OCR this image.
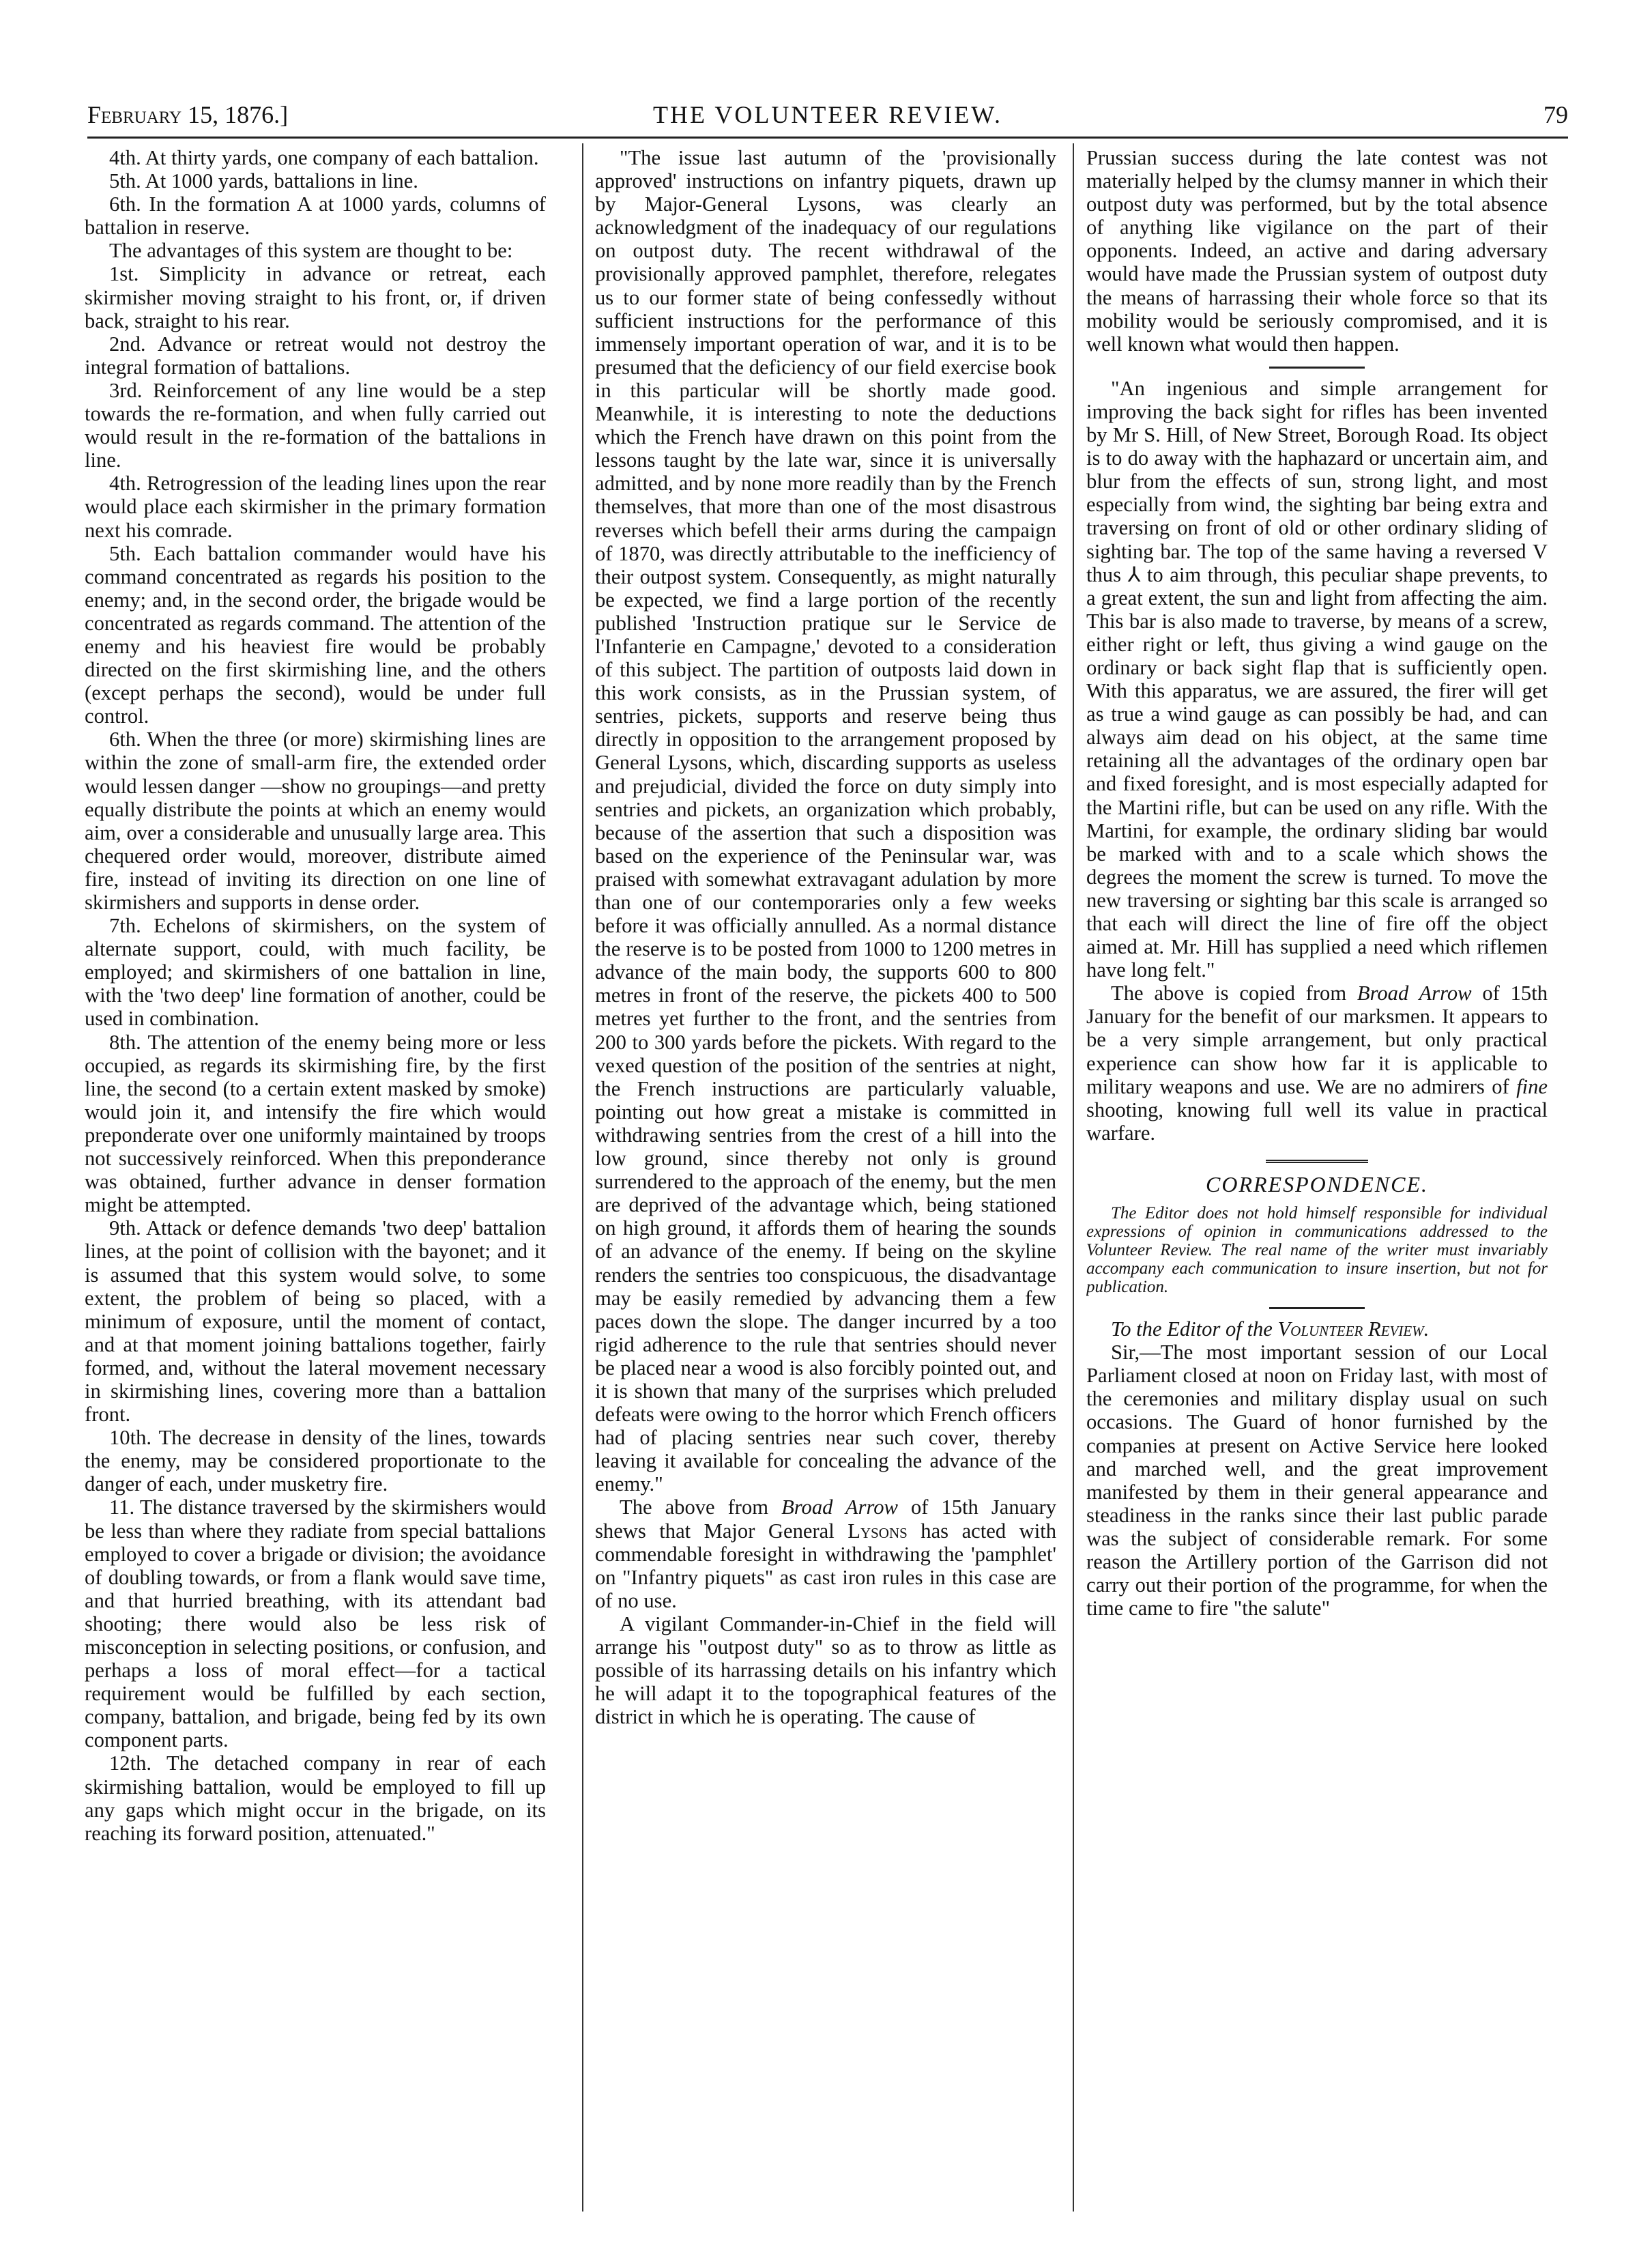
February 15, 1876.]	THE VOLUNTEER REVIEW.	79

4th. At thirty yards, one company of each battalion.

5th. At 1000 yards, battalions in line.

6th. In the formation A at 1000 yards, columns of battalion in reserve.

The advantages of this system are thought to be:

1st. Simplicity in advance or retreat, each skirmisher moving straight to his front, or, if driven back, straight to his rear.

2nd. Advance or retreat would not destroy the integral formation of battalions.

3rd. Reinforcement of any line would be a step towards the re-formation, and when fully carried out would result in the re-formation of the battalions in line.

4th. Retrogression of the leading lines upon the rear would place each skirmisher in the primary formation next his comrade.

5th. Each battalion commander would have his command concentrated as regards his position to the enemy; and, in the second order, the brigade would be concentrated as regards command. The attention of the enemy and his heaviest fire would be probably directed on the first skirmishing line, and the others (except perhaps the second), would be under full control.

6th. When the three (or more) skirmishing lines are within the zone of small-arm fire, the extended order would lessen danger —show no groupings—and pretty equally distribute the points at which an enemy would aim, over a considerable and unusually large area. This chequered order would, moreover, distribute aimed fire, instead of inviting its direction on one line of skirmishers and supports in dense order.

7th. Echelons of skirmishers, on the system of alternate support, could, with much facility, be employed; and skirmishers of one battalion in line, with the 'two deep' line formation of another, could be used in combination.

8th. The attention of the enemy being more or less occupied, as regards its skirmishing fire, by the first line, the second (to a certain extent masked by smoke) would join it, and intensify the fire which would preponderate over one uniformly maintained by troops not successively reinforced. When this preponderance was obtained, further advance in denser formation might be attempted.

9th. Attack or defence demands 'two deep' battalion lines, at the point of collision with the bayonet; and it is assumed that this system would solve, to some extent, the problem of being so placed, with a minimum of exposure, until the moment of contact, and at that moment joining battalions together, fairly formed, and, without the lateral movement necessary in skirmishing lines, covering more than a battalion front.

10th. The decrease in density of the lines, towards the enemy, may be considered proportionate to the danger of each, under musketry fire.

11. The distance traversed by the skirmishers would be less than where they radiate from special battalions employed to cover a brigade or division; the avoidance of doubling towards, or from a flank would save time, and that hurried breathing, with its attendant bad shooting; there would also be less risk of misconception in selecting positions, or confusion, and perhaps a loss of moral effect—for a tactical requirement would be fulfilled by each section, company, battalion, and brigade, being fed by its own component parts.

12th. The detached company in rear of each skirmishing battalion, would be employed to fill up any gaps which might occur in the brigade, on its reaching its forward position, attenuated."

"The issue last autumn of the 'provisionally approved' instructions on infantry piquets, drawn up by Major-General Lysons, was clearly an acknowledgment of the inadequacy of our regulations on outpost duty. The recent withdrawal of the provisionally approved pamphlet, therefore, relegates us to our former state of being confessedly without sufficient instructions for the performance of this immensely important operation of war, and it is to be presumed that the deficiency of our field exercise book in this particular will be shortly made good. Meanwhile, it is interesting to note the deductions which the French have drawn on this point from the lessons taught by the late war, since it is universally admitted, and by none more readily than by the French themselves, that more than one of the most disastrous reverses which befell their arms during the campaign of 1870, was directly attributable to the inefficiency of their outpost system. Consequently, as might naturally be expected, we find a large portion of the recently published 'Instruction pratique sur le Service de l'Infanterie en Campagne,' devoted to a consideration of this subject. The partition of outposts laid down in this work consists, as in the Prussian system, of sentries, pickets, supports and reserve being thus directly in opposition to the arrangement proposed by General Lysons, which, discarding supports as useless and prejudicial, divided the force on duty simply into sentries and pickets, an organization which probably, because of the assertion that such a disposition was based on the experience of the Peninsular war, was praised with somewhat extravagant adulation by more than one of our contemporaries only a few weeks before it was officially annulled. As a normal distance the reserve is to be posted from 1000 to 1200 metres in advance of the main body, the supports 600 to 800 metres in front of the reserve, the pickets 400 to 500 metres yet further to the front, and the sentries from 200 to 300 yards before the pickets. With regard to the vexed question of the position of the sentries at night, the French instructions are particularly valuable, pointing out how great a mistake is committed in withdrawing sentries from the crest of a hill into the low ground, since thereby not only is ground surrendered to the approach of the enemy, but the men are deprived of the advantage which, being stationed on high ground, it affords them of hearing the sounds of an advance of the enemy. If being on the skyline renders the sentries too conspicuous, the disadvantage may be easily remedied by advancing them a few paces down the slope. The danger incurred by a too rigid adherence to the rule that sentries should never be placed near a wood is also forcibly pointed out, and it is shown that many of the surprises which preluded defeats were owing to the horror which French officers had of placing sentries near such cover, thereby leaving it available for concealing the advance of the enemy."

The above from Broad Arrow of 15th January shews that Major General Lysons has acted with commendable foresight in withdrawing the 'pamphlet' on "Infantry piquets" as cast iron rules in this case are of no use.

A vigilant Commander-in-Chief in the field will arrange his "outpost duty" so as to throw as little as possible of its harrassing details on his infantry which he will adapt it to the topographical features of the district in which he is operating. The cause of

Prussian success during the late contest was not materially helped by the clumsy manner in which their outpost duty was performed, but by the total absence of anything like vigilance on the part of their opponents. Indeed, an active and daring adversary would have made the Prussian system of outpost duty the means of harrassing their whole force so that its mobility would be seriously compromised, and it is well known what would then happen.

"An ingenious and simple arrangement for improving the back sight for rifles has been invented by Mr S. Hill, of New Street, Borough Road. Its object is to do away with the haphazard or uncertain aim, and blur from the effects of sun, strong light, and most especially from wind, the sighting bar being extra and traversing on front of old or other ordinary sliding of sighting bar. The top of the same having a reversed V thus ⅄ to aim through, this peculiar shape prevents, to a great extent, the sun and light from affecting the aim. This bar is also made to traverse, by means of a screw, either right or left, thus giving a wind gauge on the ordinary or back sight flap that is sufficiently open. With this apparatus, we are assured, the firer will get as true a wind gauge as can possibly be had, and can always aim dead on his object, at the same time retaining all the advantages of the ordinary open bar and fixed foresight, and is most especially adapted for the Martini rifle, but can be used on any rifle. With the Martini, for example, the ordinary sliding bar would be marked with and to a scale which shows the degrees the moment the screw is turned. To move the new traversing or sighting bar this scale is arranged so that each will direct the line of fire off the object aimed at. Mr. Hill has supplied a need which riflemen have long felt."

The above is copied from Broad Arrow of 15th January for the benefit of our marksmen. It appears to be a very simple arrangement, but only practical experience can show how far it is applicable to military weapons and use. We are no admirers of fine shooting, knowing full well its value in practical warfare.

CORRESPONDENCE.

The Editor does not hold himself responsible for individual expressions of opinion in communications addressed to the Volunteer Review. The real name of the writer must invariably accompany each communication to insure insertion, but not for publication.

To the Editor of the Volunteer Review.

Sir,—The most important session of our Local Parliament closed at noon on Friday last, with most of the ceremonies and military display usual on such occasions. The Guard of honor furnished by the companies at present on Active Service here looked and marched well, and the great improvement manifested by them in their general appearance and steadiness in the ranks since their last public parade was the subject of considerable remark. For some reason the Artillery portion of the Garrison did not carry out their portion of the programme, for when the time came to fire "the salute"
